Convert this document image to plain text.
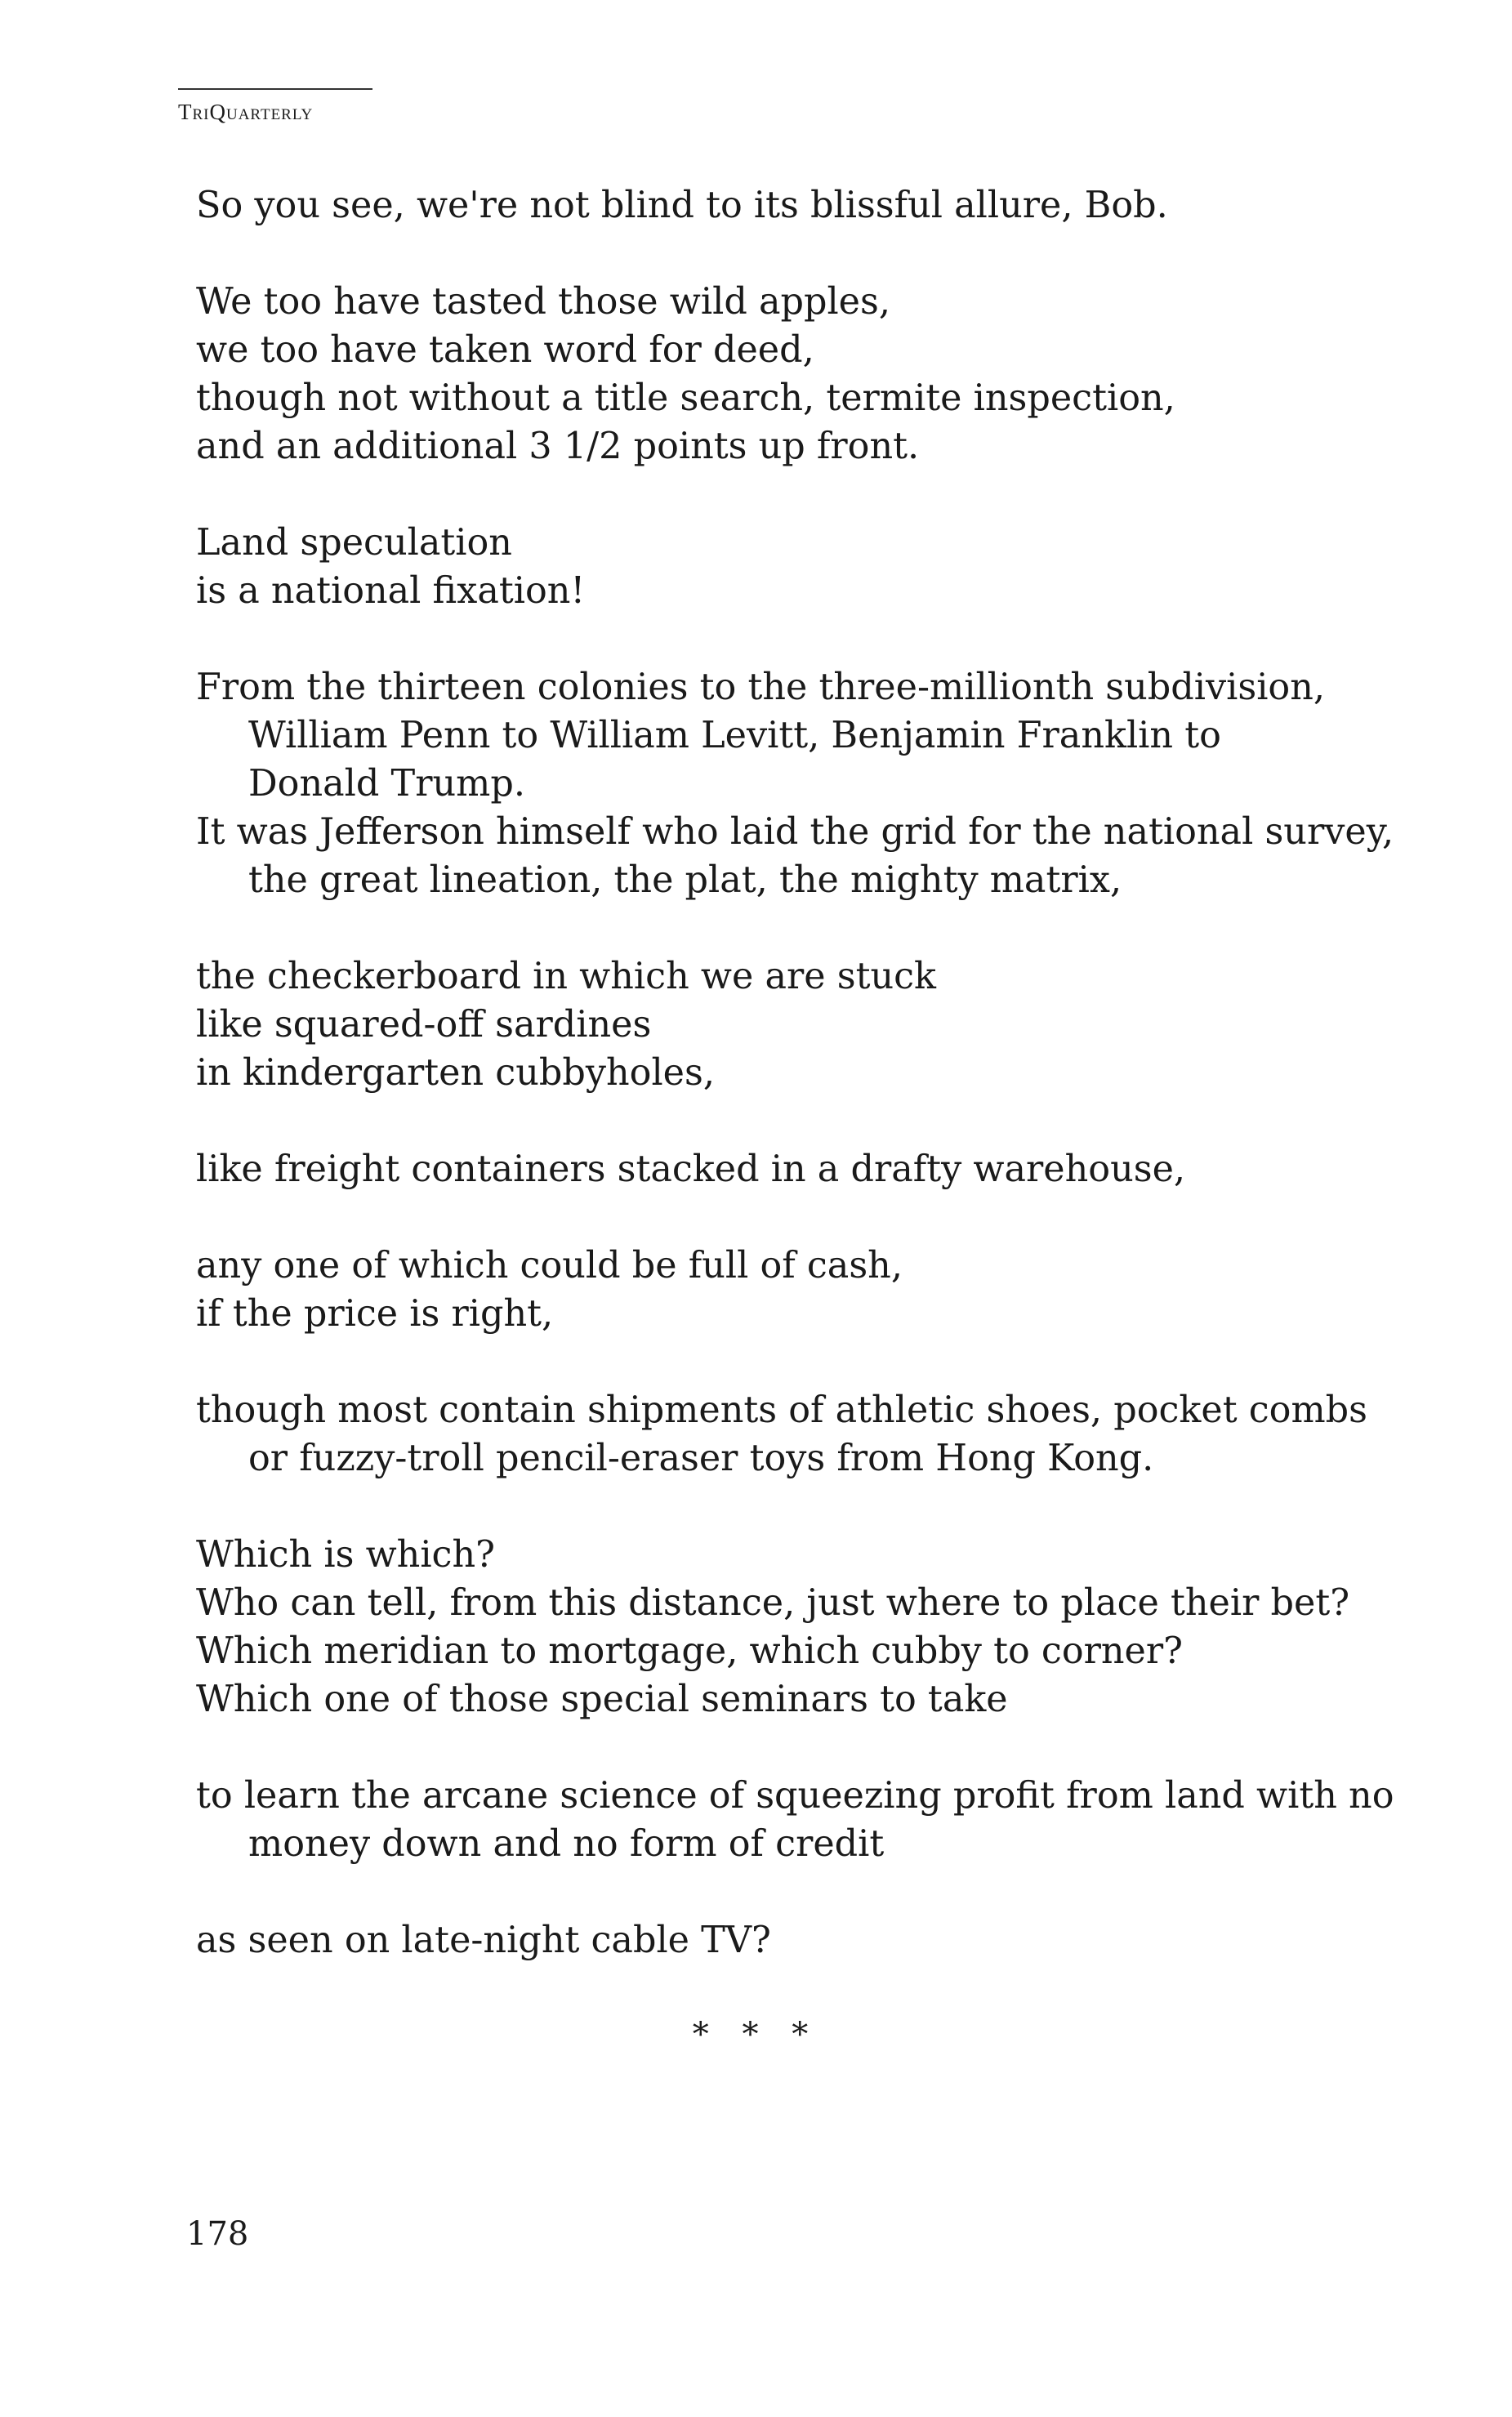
TriQuarterly
So you see, we're not blind to its blissful allure, Bob.
We too have tasted those wild apples,
we too have taken word for deed,
though not without a title search, termite inspection,
and an additional 3 1/2 points up front.
Land speculation
is a national fixation!
From the thirteen colonies to the three-millionth subdivision,
William Penn to William Levitt, Benjamin Franklin to
Donald Trump.
It was Jefferson himself who laid the grid for the national survey,
the great lineation, the plat, the mighty matrix,
the checkerboard in which we are stuck
like squared-off sardines
in kindergarten cubbyholes,
like freight containers stacked in a drafty warehouse,
any one of which could be full of cash,
if the price is right,
though most contain shipments of athletic shoes, pocket combs
or fuzzy-troll pencil-eraser toys from Hong Kong.
Which is which?
Who can tell, from this distance, just where to place their bet?
Which meridian to mortgage, which cubby to corner?
Which one of those special seminars to take
to learn the arcane science of squeezing profit from land with no
money down and no form of credit
as seen on late-night cable TV?
* * *
178
